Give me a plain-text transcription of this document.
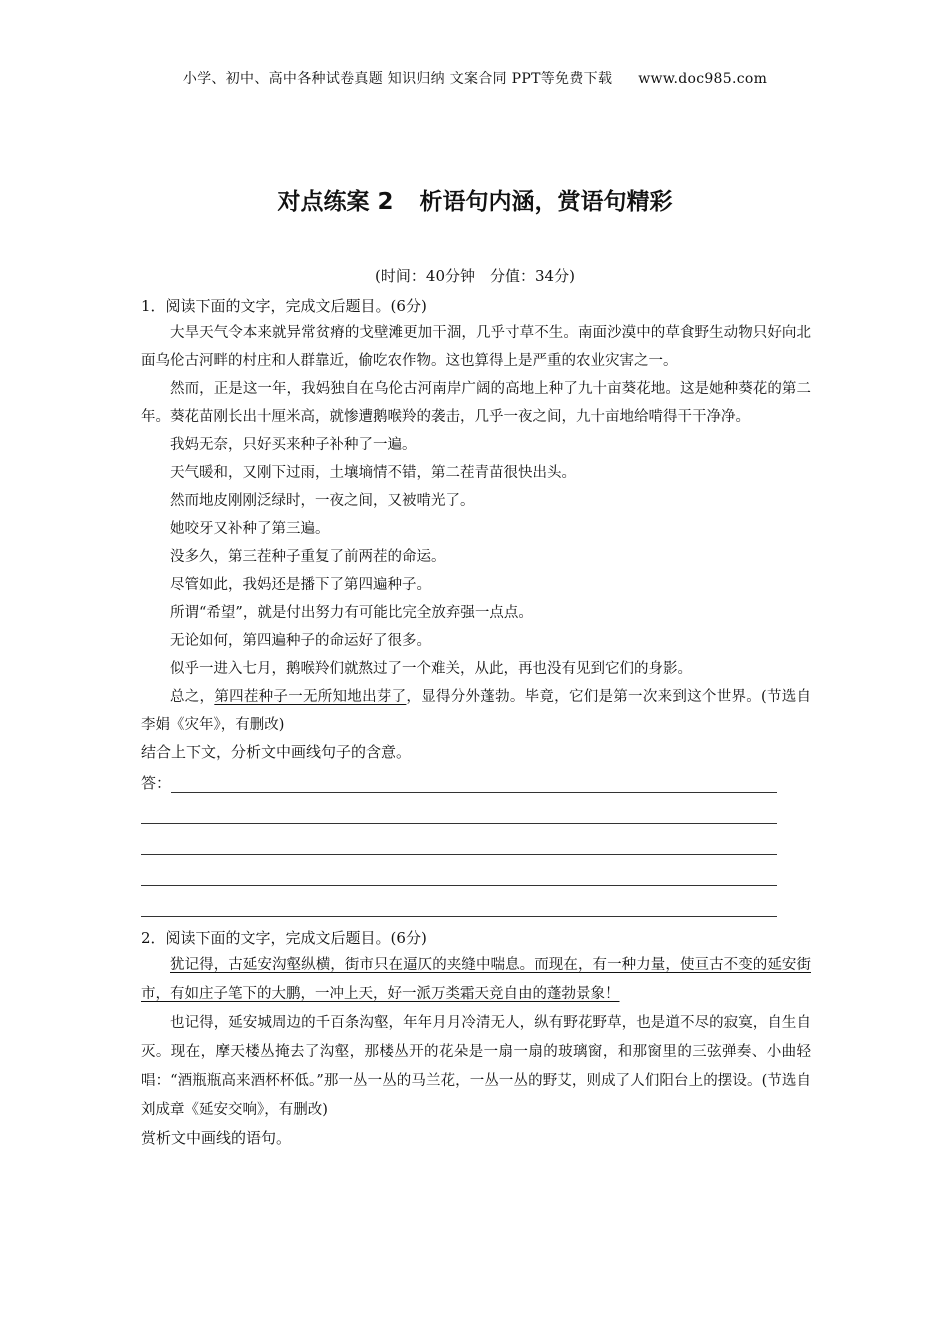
小学、初中、高中各种试卷真题 知识归纳 文案合同 PPT等免费下载 www.doc985.com
对点练案 2 析语句内涵，赏语句精彩
(时间：40分钟　分值：34分)

1．阅读下面的文字，完成文后题目。(6分)

大旱天气令本来就异常贫瘠的戈壁滩更加干涸，几乎寸草不生。南面沙漠中的草食野生动物只好向北面乌伦古河畔的村庄和人群靠近，偷吃农作物。这也算得上是严重的农业灾害之一。

然而，正是这一年，我妈独自在乌伦古河南岸广阔的高地上种了九十亩葵花地。这是她种葵花的第二年。葵花苗刚长出十厘米高，就惨遭鹅喉羚的袭击，几乎一夜之间，九十亩地给啃得干干净净。

我妈无奈，只好买来种子补种了一遍。

天气暖和，又刚下过雨，土壤墒情不错，第二茬青苗很快出头。

然而地皮刚刚泛绿时，一夜之间，又被啃光了。

她咬牙又补种了第三遍。

没多久，第三茬种子重复了前两茬的命运。

尽管如此，我妈还是播下了第四遍种子。

所谓“希望”，就是付出努力有可能比完全放弃强一点点。

无论如何，第四遍种子的命运好了很多。

似乎一进入七月，鹅喉羚们就熬过了一个难关，从此，再也没有见到它们的身影。

总之，第四茬种子一无所知地出芽了，显得分外蓬勃。毕竟，它们是第一次来到这个世界。(节选自李娟《灾年》，有删改)

结合上下文，分析文中画线句子的含意。

答：

2．阅读下面的文字，完成文后题目。(6分)

犹记得，古延安沟壑纵横，街市只在逼仄的夹缝中喘息。而现在，有一种力量，使亘古不变的延安街市，有如庄子笔下的大鹏，一冲上天，好一派万类霜天竞自由的蓬勃景象！

也记得，延安城周边的千百条沟壑，年年月月冷清无人，纵有野花野草，也是道不尽的寂寞，自生自灭。现在，摩天楼丛掩去了沟壑，那楼丛开的花朵是一扇一扇的玻璃窗，和那窗里的三弦弹奏、小曲轻唱：“酒瓶瓶高来酒杯杯低。”那一丛一丛的马兰花，一丛一丛的野艾，则成了人们阳台上的摆设。(节选自刘成章《延安交响》，有删改)

赏析文中画线的语句。
